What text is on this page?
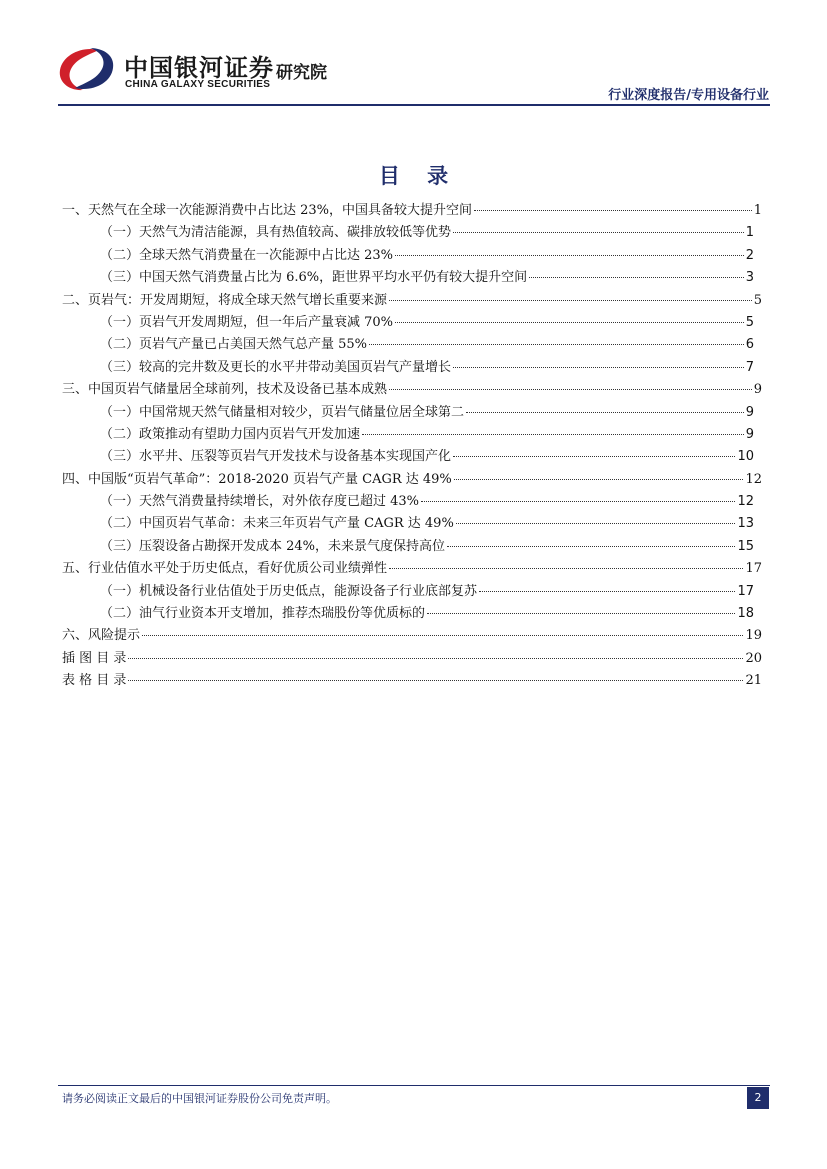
中国银河证券
CHINA GALAXY SECURITIES
研究院
行业深度报告/专用设备行业
目 录
一、天然气在全球一次能源消费中占比达 23%，中国具备较大提升空间	1
（一）天然气为清洁能源，具有热值较高、碳排放较低等优势	1
（二）全球天然气消费量在一次能源中占比达 23%	2
（三）中国天然气消费量占比为 6.6%，距世界平均水平仍有较大提升空间	3
二、页岩气：开发周期短，将成全球天然气增长重要来源	5
（一）页岩气开发周期短，但一年后产量衰减 70%	5
（二）页岩气产量已占美国天然气总产量 55%	6
（三）较高的完井数及更长的水平井带动美国页岩气产量增长	7
三、中国页岩气储量居全球前列，技术及设备已基本成熟	9
（一）中国常规天然气储量相对较少，页岩气储量位居全球第二	9
（二）政策推动有望助力国内页岩气开发加速	9
（三）水平井、压裂等页岩气开发技术与设备基本实现国产化	10
四、中国版“页岩气革命”：2018-2020 页岩气产量 CAGR 达 49%	12
（一）天然气消费量持续增长，对外依存度已超过 43%	12
（二）中国页岩气革命：未来三年页岩气产量 CAGR 达 49%	13
（三）压裂设备占勘探开发成本 24%，未来景气度保持高位	15
五、行业估值水平处于历史低点，看好优质公司业绩弹性	17
（一）机械设备行业估值处于历史低点，能源设备子行业底部复苏	17
（二）油气行业资本开支增加，推荐杰瑞股份等优质标的	18
六、风险提示	19
插 图 目 录	20
表 格 目 录	21
请务必阅读正文最后的中国银河证券股份公司免责声明。	2
